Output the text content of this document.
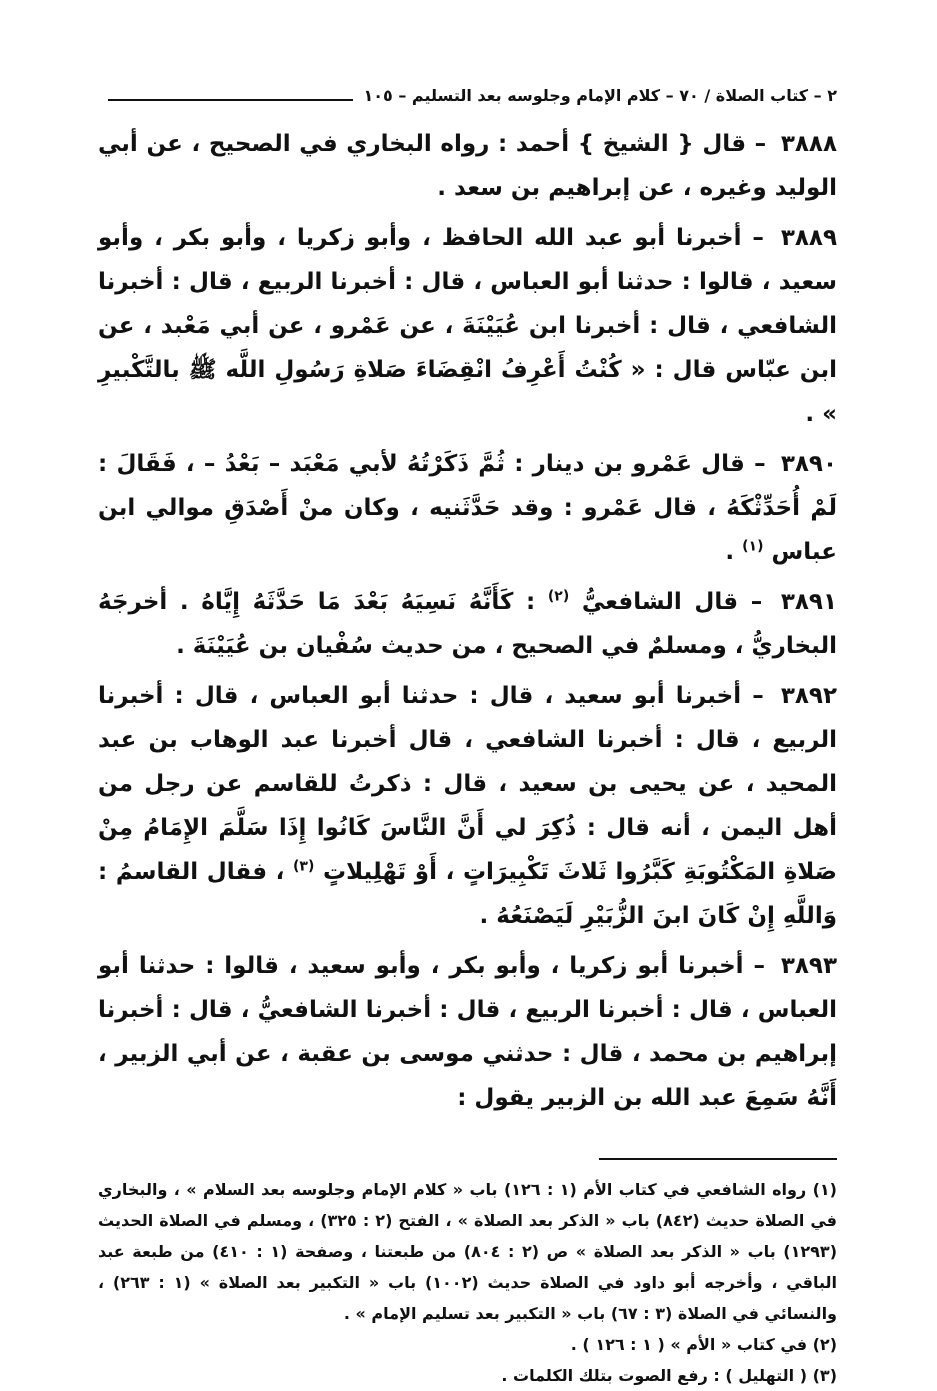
٢ – كتاب الصلاة / ٧٠ – كلام الإمام وجلوسه بعد التسليم – ١٠٥

٣٨٨٨ – قال { الشيخ } أحمد : رواه البخاري في الصحيح ، عن أبي الوليد وغيره ، عن إبراهيم بن سعد .

٣٨٨٩ – أخبرنا أبو عبد الله الحافظ ، وأبو زكريا ، وأبو بكر ، وأبو سعيد ، قالوا : حدثنا أبو العباس ، قال : أخبرنا الربيع ، قال : أخبرنا الشافعي ، قال : أخبرنا ابن عُيَيْنَةَ ، عن عَمْرو ، عن أبي مَعْبد ، عن ابن عبّاس قال : « كُنْتُ أَعْرِفُ انْقِضَاءَ صَلاةِ رَسُولِ اللَّه ﷺ بالتَّكْبيرِ » .

٣٨٩٠ – قال عَمْرو بن دينار : ثُمَّ ذَكَرْتُهُ لأبي مَعْبَد – بَعْدُ – ، فَقَالَ : لَمْ أُحَدِّثْكَهُ ، قال عَمْرو : وقد حَدَّثَنيه ، وكان منْ أَصْدَقِ موالي ابن عباس $^{(١)}$ .

٣٨٩١ – قال الشافعيُّ $^{(٢)}$ : كَأَنَّهُ نَسِيَهُ بَعْدَ مَا حَدَّثَهُ إِيَّاهُ . أخرجَهُ البخاريُّ ، ومسلمٌ في الصحيح ، من حديث سُفْيان بن عُيَيْنَةَ .

٣٨٩٢ – أخبرنا أبو سعيد ، قال : حدثنا أبو العباس ، قال : أخبرنا الربيع ، قال : أخبرنا الشافعي ، قال أخبرنا عبد الوهاب بن عبد المحيد ، عن يحيى بن سعيد ، قال : ذكرتُ للقاسم عن رجل من أهل اليمن ، أنه قال : ذُكِرَ لي أَنَّ النَّاسَ كَانُوا إِذَا سَلَّمَ الإِمَامُ مِنْ صَلاةِ المَكْتُوبَةِ كَبَّرُوا ثَلاثَ تَكْبِيرَاتٍ ، أَوْ تَهْلِيلاتٍ $^{(٣)}$ ، فقال القاسمُ : وَاللَّهِ إِنْ كَانَ ابنَ الزُّبَيْرِ لَيَصْنَعُهُ .

٣٨٩٣ – أخبرنا أبو زكريا ، وأبو بكر ، وأبو سعيد ، قالوا : حدثنا أبو العباس ، قال : أخبرنا الربيع ، قال : أخبرنا الشافعيُّ ، قال : أخبرنا إبراهيم بن محمد ، قال : حدثني موسى بن عقبة ، عن أبي الزبير ، أَنَّهُ سَمِعَ عبد الله بن الزبير يقول :

(١) رواه الشافعي في كتاب الأم (١ : ١٢٦) باب « كلام الإمام وجلوسه بعد السلام » ، والبخاري في الصلاة حديث (٨٤٢) باب « الذكر بعد الصلاة » ، الفتح (٢ : ٣٢٥) ، ومسلم في الصلاة الحديث (١٢٩٣) باب « الذكر بعد الصلاة » ص (٢ : ٨٠٤) من طبعتنا ، وصفحة (١ : ٤١٠) من طبعة عبد الباقي ، وأخرجه أبو داود في الصلاة حديث (١٠٠٢) باب « التكبير بعد الصلاة » (١ : ٢٦٣) ، والنسائي في الصلاة (٣ : ٦٧) باب « التكبير بعد تسليم الإمام » .

(٢) في كتاب « الأم » ( ١ : ١٢٦ ) .

(٣) ( التهليل ) : رفع الصوت بتلك الكلمات .
